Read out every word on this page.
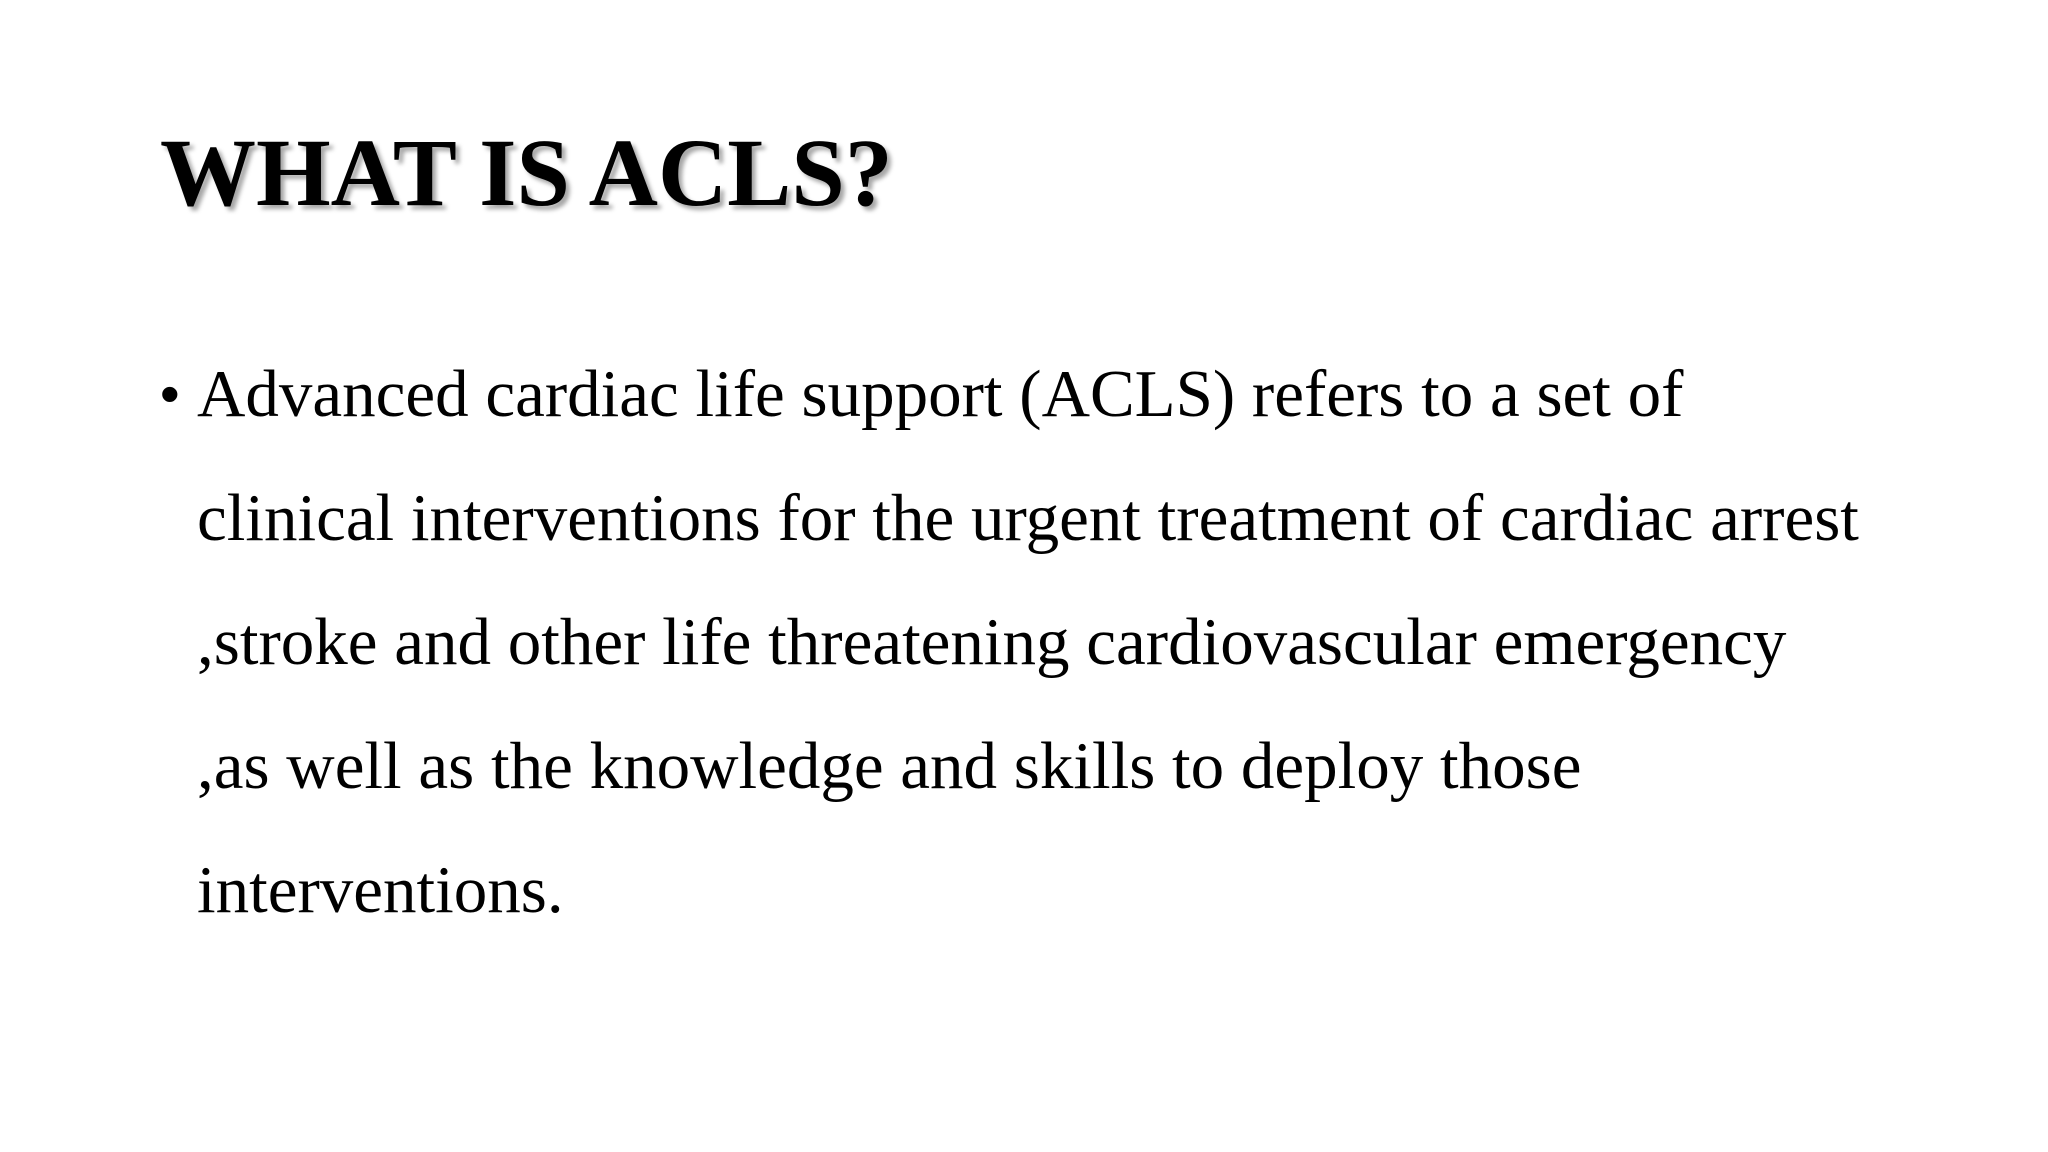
WHAT IS ACLS?
• Advanced cardiac life support (ACLS) refers to a set of
clinical interventions for the urgent treatment of cardiac arrest
,stroke and other life threatening cardiovascular emergency
,as well as the knowledge and skills to deploy those
interventions.
